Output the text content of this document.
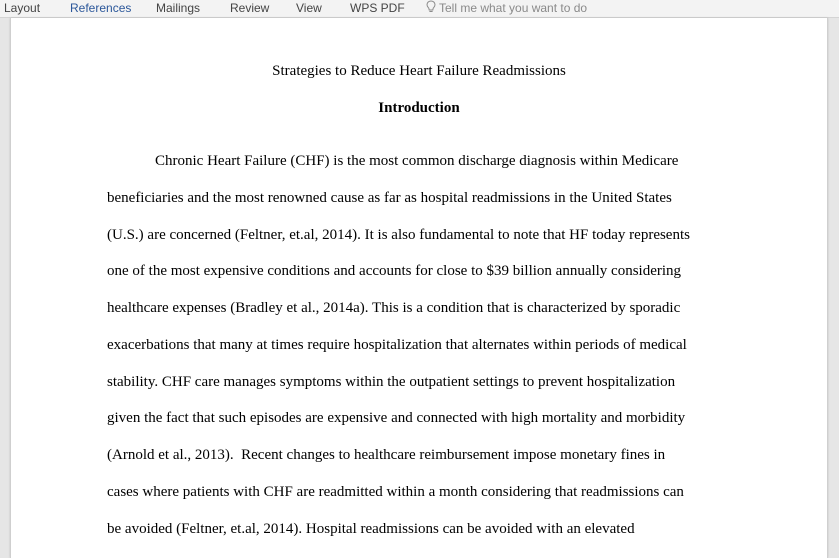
Layout References Mailings Review View WPS PDF	Tell me what you want to do
Strategies to Reduce Heart Failure Readmissions
Introduction
Chronic Heart Failure (CHF) is the most common discharge diagnosis within Medicare
beneficiaries and the most renowned cause as far as hospital readmissions in the United States
(U.S.) are concerned (Feltner, et.al, 2014). It is also fundamental to note that HF today represents
one of the most expensive conditions and accounts for close to $39 billion annually considering
healthcare expenses (Bradley et al., 2014a). This is a condition that is characterized by sporadic
exacerbations that many at times require hospitalization that alternates within periods of medical
stability. CHF care manages symptoms within the outpatient settings to prevent hospitalization
given the fact that such episodes are expensive and connected with high mortality and morbidity
(Arnold et al., 2013).  Recent changes to healthcare reimbursement impose monetary fines in
cases where patients with CHF are readmitted within a month considering that readmissions can
be avoided (Feltner, et.al, 2014). Hospital readmissions can be avoided with an elevated
